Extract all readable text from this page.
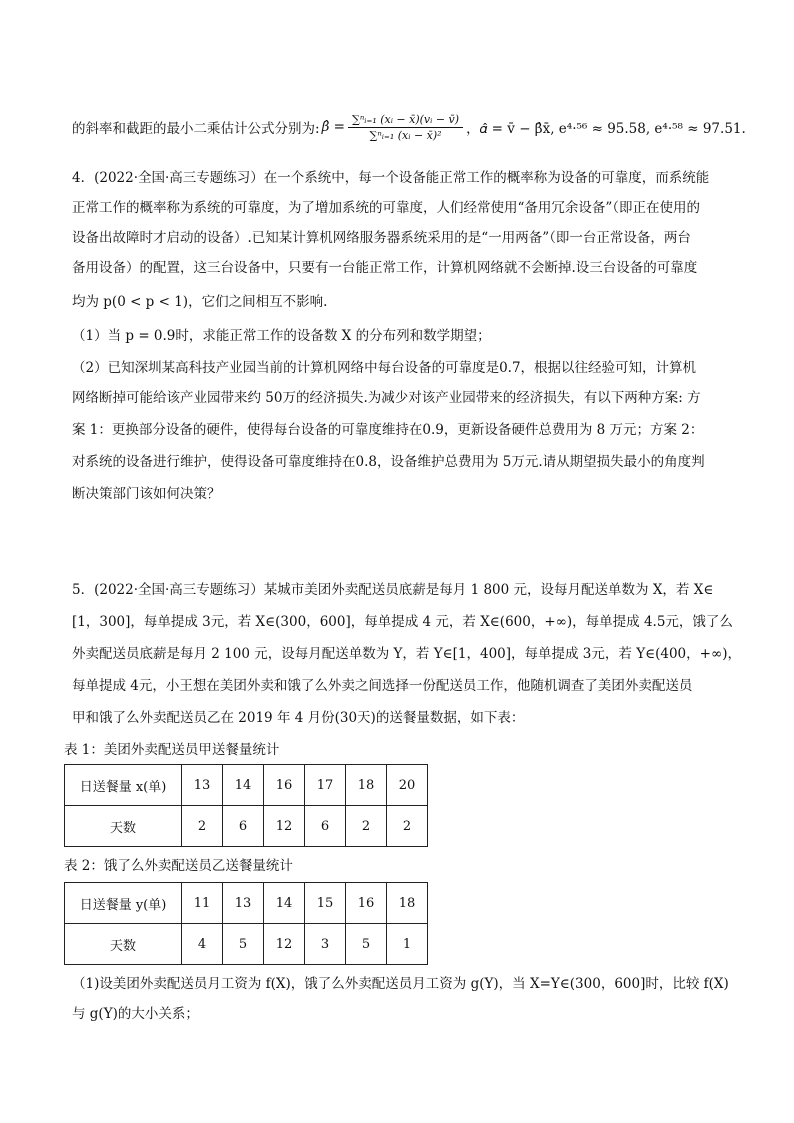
的斜率和截距的最小二乘估计公式分别为: β̂ = $\frac{\text{∑ⁿᵢ₌₁ (xᵢ − x̄)(vᵢ − v̄)}}{\text{∑ⁿᵢ₌₁ (xᵢ − x̄)²}}$ ，𝛼̂ = v̄ − β̂x̄, e⁴·⁵⁶ ≈ 95.58, e⁴·⁵⁸ ≈ 97.51.
4．(2022·全国·高三专题练习）在一个系统中，每一个设备能正常工作的概率称为设备的可靠度，而系统能
正常工作的概率称为系统的可靠度，为了增加系统的可靠度，人们经常使用“备用冗余设备”（即正在使用的
设备出故障时才启动的设备）.已知某计算机网络服务器系统采用的是“一用两备”（即一台正常设备，两台
备用设备）的配置，这三台设备中，只要有一台能正常工作，计算机网络就不会断掉.设三台设备的可靠度
均为 p(0 < p < 1)，它们之间相互不影响.
（1）当 p = 0.9时，求能正常工作的设备数 X 的分布列和数学期望；
（2）已知深圳某高科技产业园当前的计算机网络中每台设备的可靠度是0.7，根据以往经验可知，计算机
网络断掉可能给该产业园带来约 50万的经济损失.为减少对该产业园带来的经济损失，有以下两种方案: 方
案 1：更换部分设备的硬件，使得每台设备的可靠度维持在0.9，更新设备硬件总费用为 8 万元；方案 2：
对系统的设备进行维护，使得设备可靠度维持在0.8，设备维护总费用为 5万元.请从期望损失最小的角度判
断决策部门该如何决策？
5．(2022·全国·高三专题练习）某城市美团外卖配送员底薪是每月 1 800 元，设每月配送单数为 X，若 X∈
[1，300]，每单提成 3元，若 X∈(300，600]，每单提成 4 元，若 X∈(600，+∞)，每单提成 4.5元，饿了么
外卖配送员底薪是每月 2 100 元，设每月配送单数为 Y，若 Y∈[1，400]，每单提成 3元，若 Y∈(400，+∞)，
每单提成 4元，小王想在美团外卖和饿了么外卖之间选择一份配送员工作，他随机调查了美团外卖配送员
甲和饿了么外卖配送员乙在 2019 年 4 月份(30天)的送餐量数据，如下表：
表 1：美团外卖配送员甲送餐量统计
日送餐量 x(单)	13	14	16	17	18	20
天数	2	6	12	6	2	2
表 2：饿了么外卖配送员乙送餐量统计
日送餐量 y(单)	11	13	14	15	16	18
天数	4	5	12	3	5	1
（1)设美团外卖配送员月工资为 f(X)，饿了么外卖配送员月工资为 g(Y)，当 X=Y∈(300，600]时，比较 f(X)
与 g(Y)的大小关系；
